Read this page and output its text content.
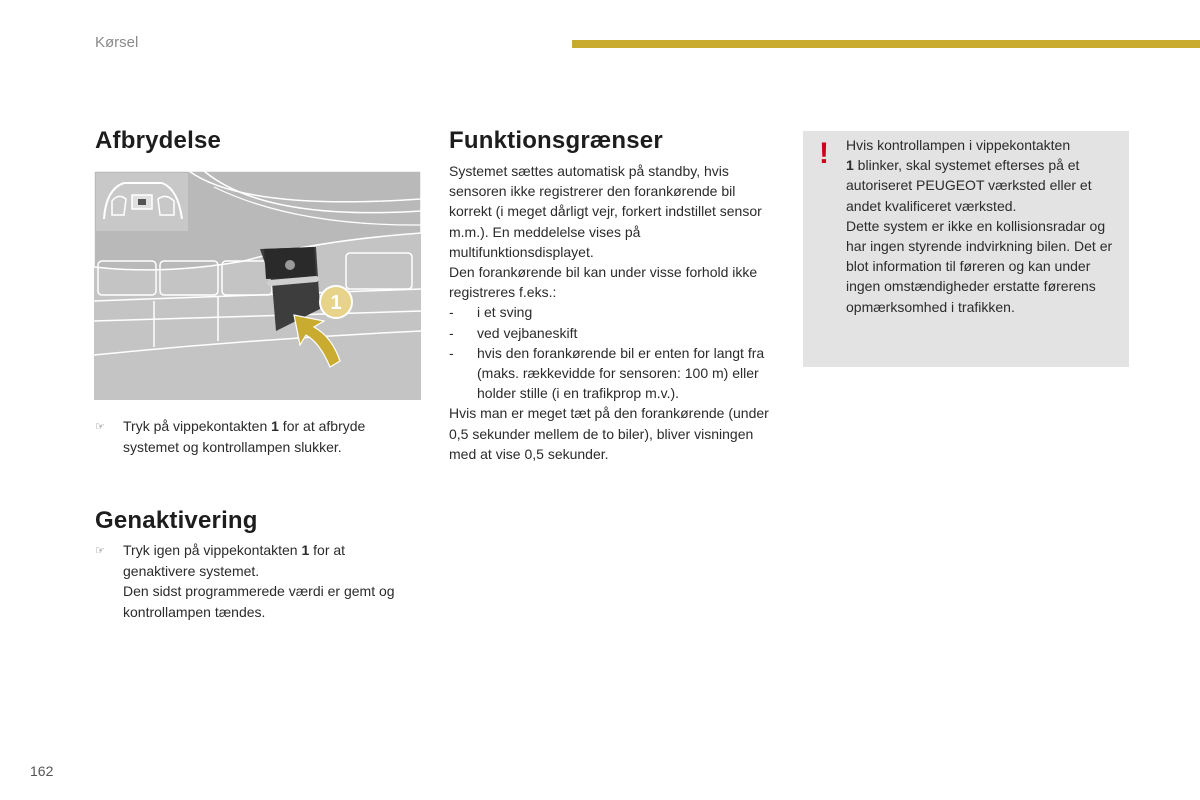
Kørsel
Afbrydelse
1
☞ Tryk på vippekontakten 1 for at afbryde systemet og kontrollampen slukker.
Genaktivering
☞ Tryk igen på vippekontakten 1 for at genaktivere systemet.
Den sidst programmerede værdi er gemt og kontrollampen tændes.
Funktionsgrænser

Systemet sættes automatisk på standby, hvis sensoren ikke registrerer den forankørende bil korrekt (i meget dårligt vejr, forkert indstillet sensor m.m.). En meddelelse vises på multifunktionsdisplayet.

Den forankørende bil kan under visse forhold ikke registreres f.eks.:

- i et sving
- ved vejbaneskift
- hvis den forankørende bil er enten for langt fra (maks. rækkevidde for sensoren: 100 m) eller holder stille (i en trafikprop m.v.).

Hvis man er meget tæt på den forankørende (under 0,5 sekunder mellem de to biler), bliver visningen med at vise 0,5 sekunder.

! Hvis kontrollampen i vippekontakten
1 blinker, skal systemet efterses på et autoriseret PEUGEOT værksted eller et andet kvalificeret værksted.
Dette system er ikke en kollisionsradar og har ingen styrende indvirkning bilen. Det er blot information til føreren og kan under ingen omstændigheder erstatte førerens opmærksomhed i trafikken.
162
